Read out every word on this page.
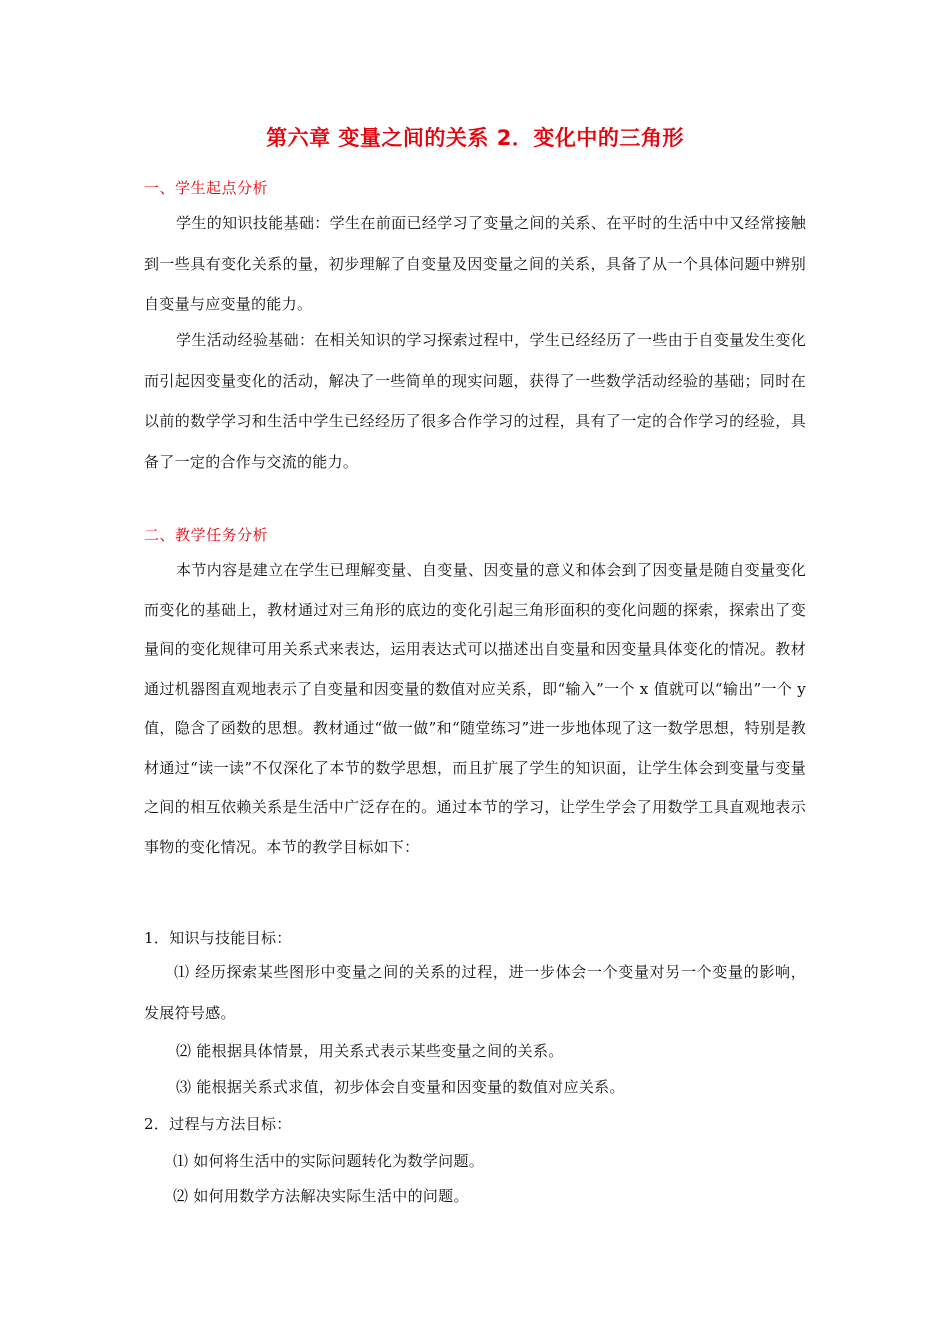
第六章 变量之间的关系 2．变化中的三角形
一、学生起点分析

学生的知识技能基础：学生在前面已经学习了变量之间的关系、在平时的生活中中又经常接触到一些具有变化关系的量，初步理解了自变量及因变量之间的关系，具备了从一个具体问题中辨别自变量与应变量的能力。

学生活动经验基础：在相关知识的学习探索过程中，学生已经经历了一些由于自变量发生变化而引起因变量变化的活动，解决了一些简单的现实问题，获得了一些数学活动经验的基础；同时在以前的数学学习和生活中学生已经经历了很多合作学习的过程，具有了一定的合作学习的经验，具备了一定的合作与交流的能力。

二、教学任务分析

本节内容是建立在学生已理解变量、自变量、因变量的意义和体会到了因变量是随自变量变化而变化的基础上，教材通过对三角形的底边的变化引起三角形面积的变化问题的探索，探索出了变量间的变化规律可用关系式来表达，运用表达式可以描述出自变量和因变量具体变化的情况。教材通过机器图直观地表示了自变量和因变量的数值对应关系，即“输入”一个 x 值就可以“输出”一个 y 值，隐含了函数的思想。教材通过“做一做”和“随堂练习”进一步地体现了这一数学思想，特别是教材通过“读一读”不仅深化了本节的数学思想，而且扩展了学生的知识面，让学生体会到变量与变量之间的相互依赖关系是生活中广泛存在的。通过本节的学习，让学生学会了用数学工具直观地表示事物的变化情况。本节的教学目标如下：

1．知识与技能目标：

⑴ 经历探索某些图形中变量之间的关系的过程，进一步体会一个变量对另一个变量的影响，发展符号感。

⑵ 能根据具体情景，用关系式表示某些变量之间的关系。
⑶ 能根据关系式求值，初步体会自变量和因变量的数值对应关系。
2．过程与方法目标：
⑴ 如何将生活中的实际问题转化为数学问题。
⑵ 如何用数学方法解决实际生活中的问题。
